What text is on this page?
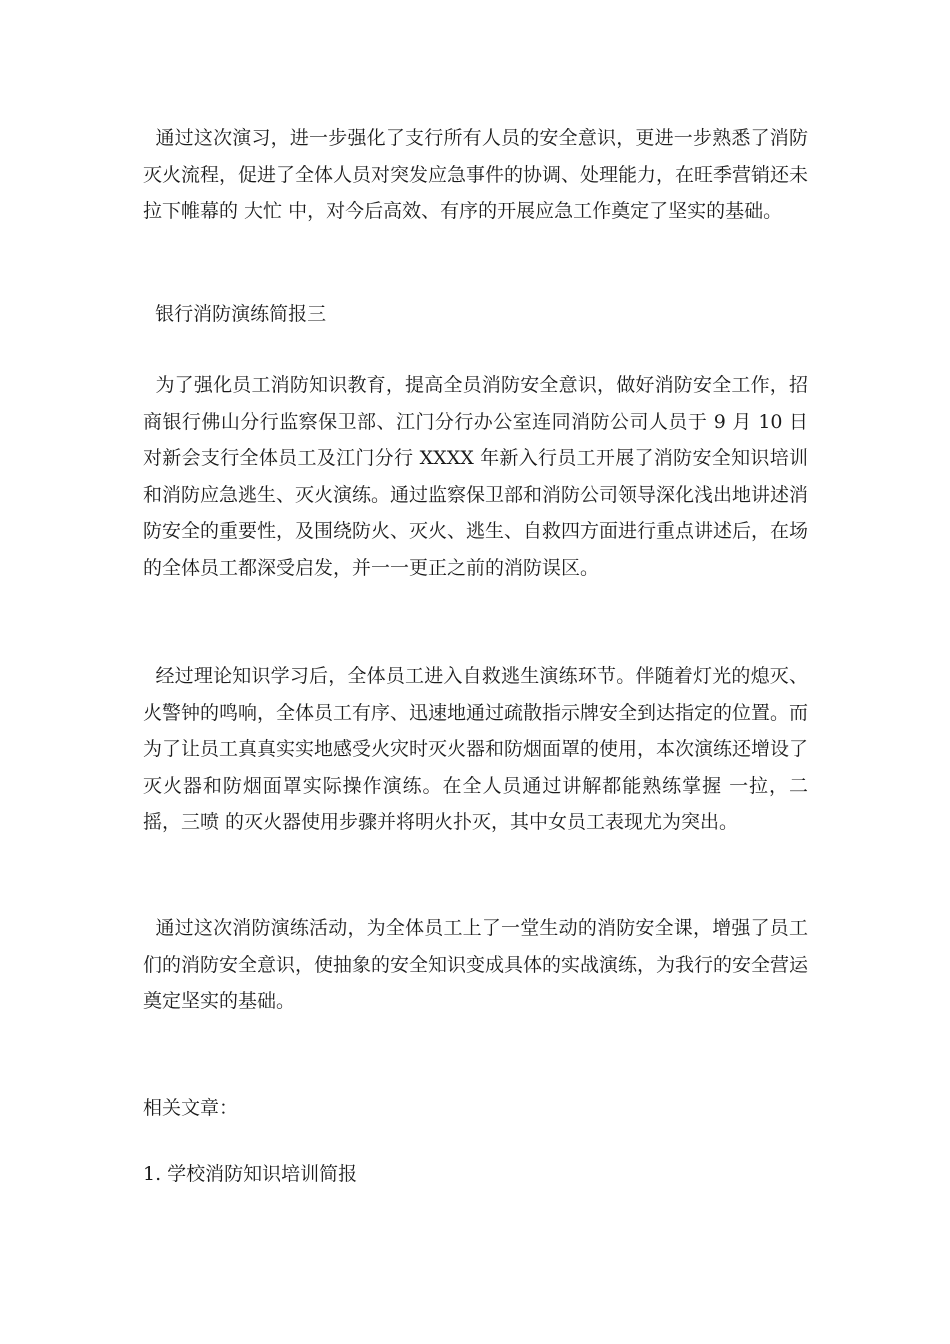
通过这次演习，进一步强化了支行所有人员的安全意识，更进一步熟悉了消防灭火流程，促进了全体人员对突发应急事件的协调、处理能力，在旺季营销还未拉下帷幕的 大忙 中，对今后高效、有序的开展应急工作奠定了坚实的基础。

银行消防演练简报三

为了强化员工消防知识教育，提高全员消防安全意识，做好消防安全工作，招商银行佛山分行监察保卫部、江门分行办公室连同消防公司人员于 9 月 10 日对新会支行全体员工及江门分行 XXXX 年新入行员工开展了消防安全知识培训和消防应急逃生、灭火演练。通过监察保卫部和消防公司领导深化浅出地讲述消防安全的重要性，及围绕防火、灭火、逃生、自救四方面进行重点讲述后，在场的全体员工都深受启发，并一一更正之前的消防误区。

经过理论知识学习后，全体员工进入自救逃生演练环节。伴随着灯光的熄灭、火警钟的鸣响，全体员工有序、迅速地通过疏散指示牌安全到达指定的位置。而为了让员工真真实实地感受火灾时灭火器和防烟面罩的使用，本次演练还增设了灭火器和防烟面罩实际操作演练。在全人员通过讲解都能熟练掌握 一拉，二摇，三喷 的灭火器使用步骤并将明火扑灭，其中女员工表现尤为突出。

通过这次消防演练活动，为全体员工上了一堂生动的消防安全课，增强了员工们的消防安全意识，使抽象的安全知识变成具体的实战演练，为我行的安全营运奠定坚实的基础。

相关文章：

1. 学校消防知识培训简报
